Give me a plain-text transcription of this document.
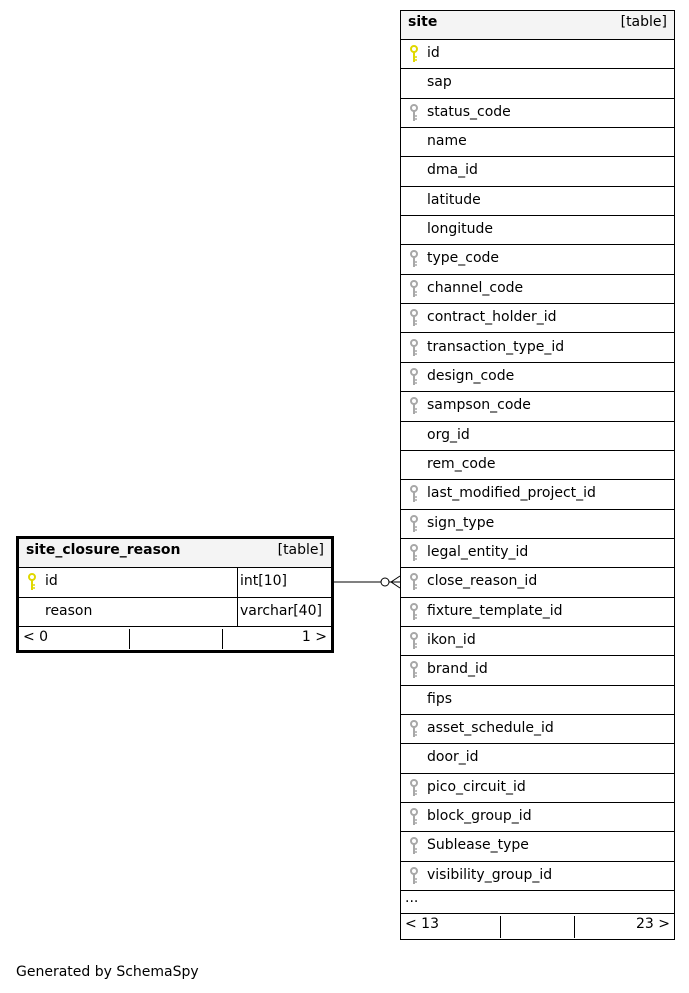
site	[table]
id
sap
status_code
name
dma_id
latitude
longitude
type_code
channel_code
contract_holder_id
transaction_type_id
design_code
sampson_code
org_id
rem_code
last_modified_project_id
sign_type
legal_entity_id
close_reason_id
fixture_template_id
ikon_id
brand_id
fips
asset_schedule_id
door_id
pico_circuit_id
block_group_id
Sublease_type
visibility_group_id
...
< 13	23 >
site_closure_reason	[table]
id	int[10]
reason	varchar[40]
< 0	1 >
Generated by SchemaSpy
